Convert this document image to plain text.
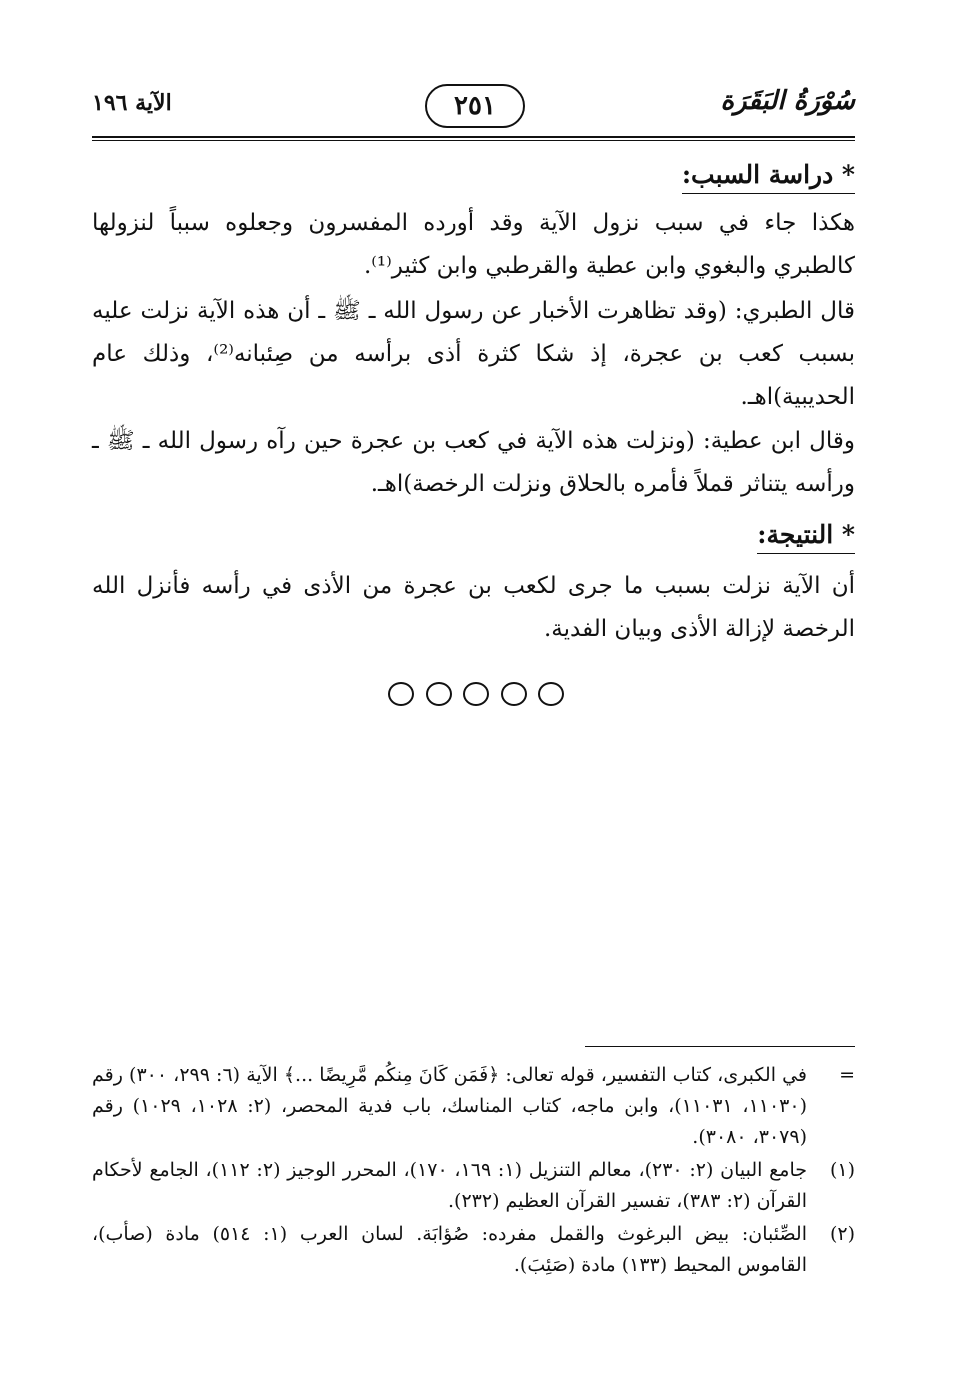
الآية ١٩٦	٢٥١	سُوْرَةُ البَقَرَة
* دراسة السبب:

هكذا جاء في سبب نزول الآية وقد أورده المفسرون وجعلوه سبباً لنزولها كالطبري والبغوي وابن عطية والقرطبي وابن كثير⁽¹⁾.

قال الطبري: (وقد تظاهرت الأخبار عن رسول الله ـ ﷺ ـ أن هذه الآية نزلت عليه بسبب كعب بن عجرة، إذ شكا كثرة أذى برأسه من صِئبانه⁽²⁾، وذلك عام الحديبية)اهـ.

وقال ابن عطية: (ونزلت هذه الآية في كعب بن عجرة حين رآه رسول الله ـ ﷺ ـ ورأسه يتناثر قملاً فأمره بالحلاق ونزلت الرخصة)اهـ.

* النتيجة:

أن الآية نزلت بسبب ما جرى لكعب بن عجرة من الأذى في رأسه فأنزل الله الرخصة لإزالة الأذى وبيان الفدية.

=
في الكبرى، كتاب التفسير، قوله تعالى: ﴿فَمَن كَانَ مِنكُم مَّرِيضًا ...﴾ الآية (٦: ٢٩٩، ٣٠٠) رقم (١١٠٣٠، ١١٠٣١)، وابن ماجه، كتاب المناسك، باب فدية المحصر، (٢: ١٠٢٨، ١٠٢٩) رقم (٣٠٧٩، ٣٠٨٠).
(١)
جامع البيان (٢: ٢٣٠)، معالم التنزيل (١: ١٦٩، ١٧٠)، المحرر الوجيز (٢: ١١٢)، الجامع لأحكام القرآن (٢: ٣٨٣)، تفسير القرآن العظيم (٢٣٢).
(٢)
الصِّئبان: بيض البرغوث والقمل مفرده: صُؤابَة. لسان العرب (١: ٥١٤) مادة (صأب)، القاموس المحيط (١٣٣) مادة (صَئِبَ).
